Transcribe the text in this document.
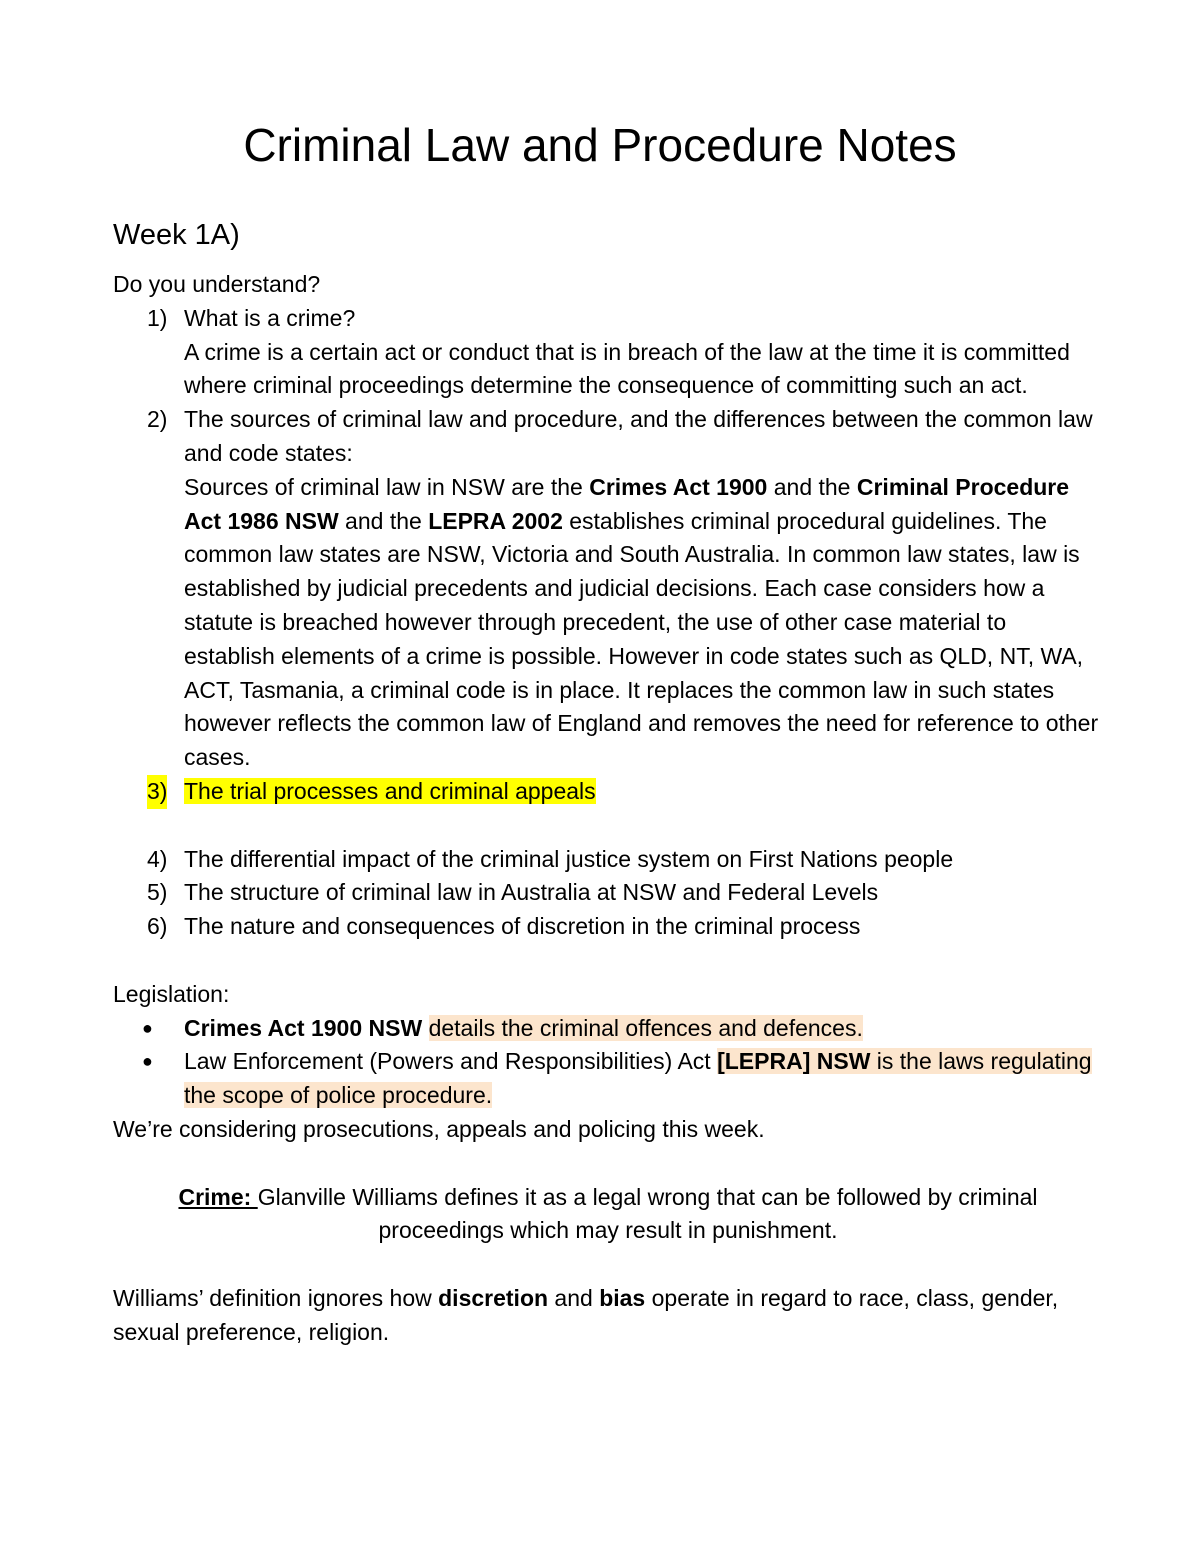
Criminal Law and Procedure Notes
Week 1A)

Do you understand?

1) What is a crime?
A crime is a certain act or conduct that is in breach of the law at the time it is committed where criminal proceedings determine the consequence of committing such an act.
2) The sources of criminal law and procedure, and the differences between the common law and code states:
Sources of criminal law in NSW are the Crimes Act 1900 and the Criminal Procedure Act 1986 NSW and the LEPRA 2002 establishes criminal procedural guidelines. The common law states are NSW, Victoria and South Australia. In common law states, law is established by judicial precedents and judicial decisions. Each case considers how a statute is breached however through precedent, the use of other case material to establish elements of a crime is possible. However in code states such as QLD, NT, WA, ACT, Tasmania, a criminal code is in place. It replaces the common law in such states however reflects the common law of England and removes the need for reference to other cases.
3) The trial processes and criminal appeals
4) The differential impact of the criminal justice system on First Nations people
5) The structure of criminal law in Australia at NSW and Federal Levels
6) The nature and consequences of discretion in the criminal process

Legislation:

● Crimes Act 1900 NSW details the criminal offences and defences.
● Law Enforcement (Powers and Responsibilities) Act [LEPRA] NSW is the laws regulating the scope of police procedure.

We’re considering prosecutions, appeals and policing this week.

Crime: Glanville Williams defines it as a legal wrong that can be followed by criminal proceedings which may result in punishment.

Williams’ definition ignores how discretion and bias operate in regard to race, class, gender, sexual preference, religion.
